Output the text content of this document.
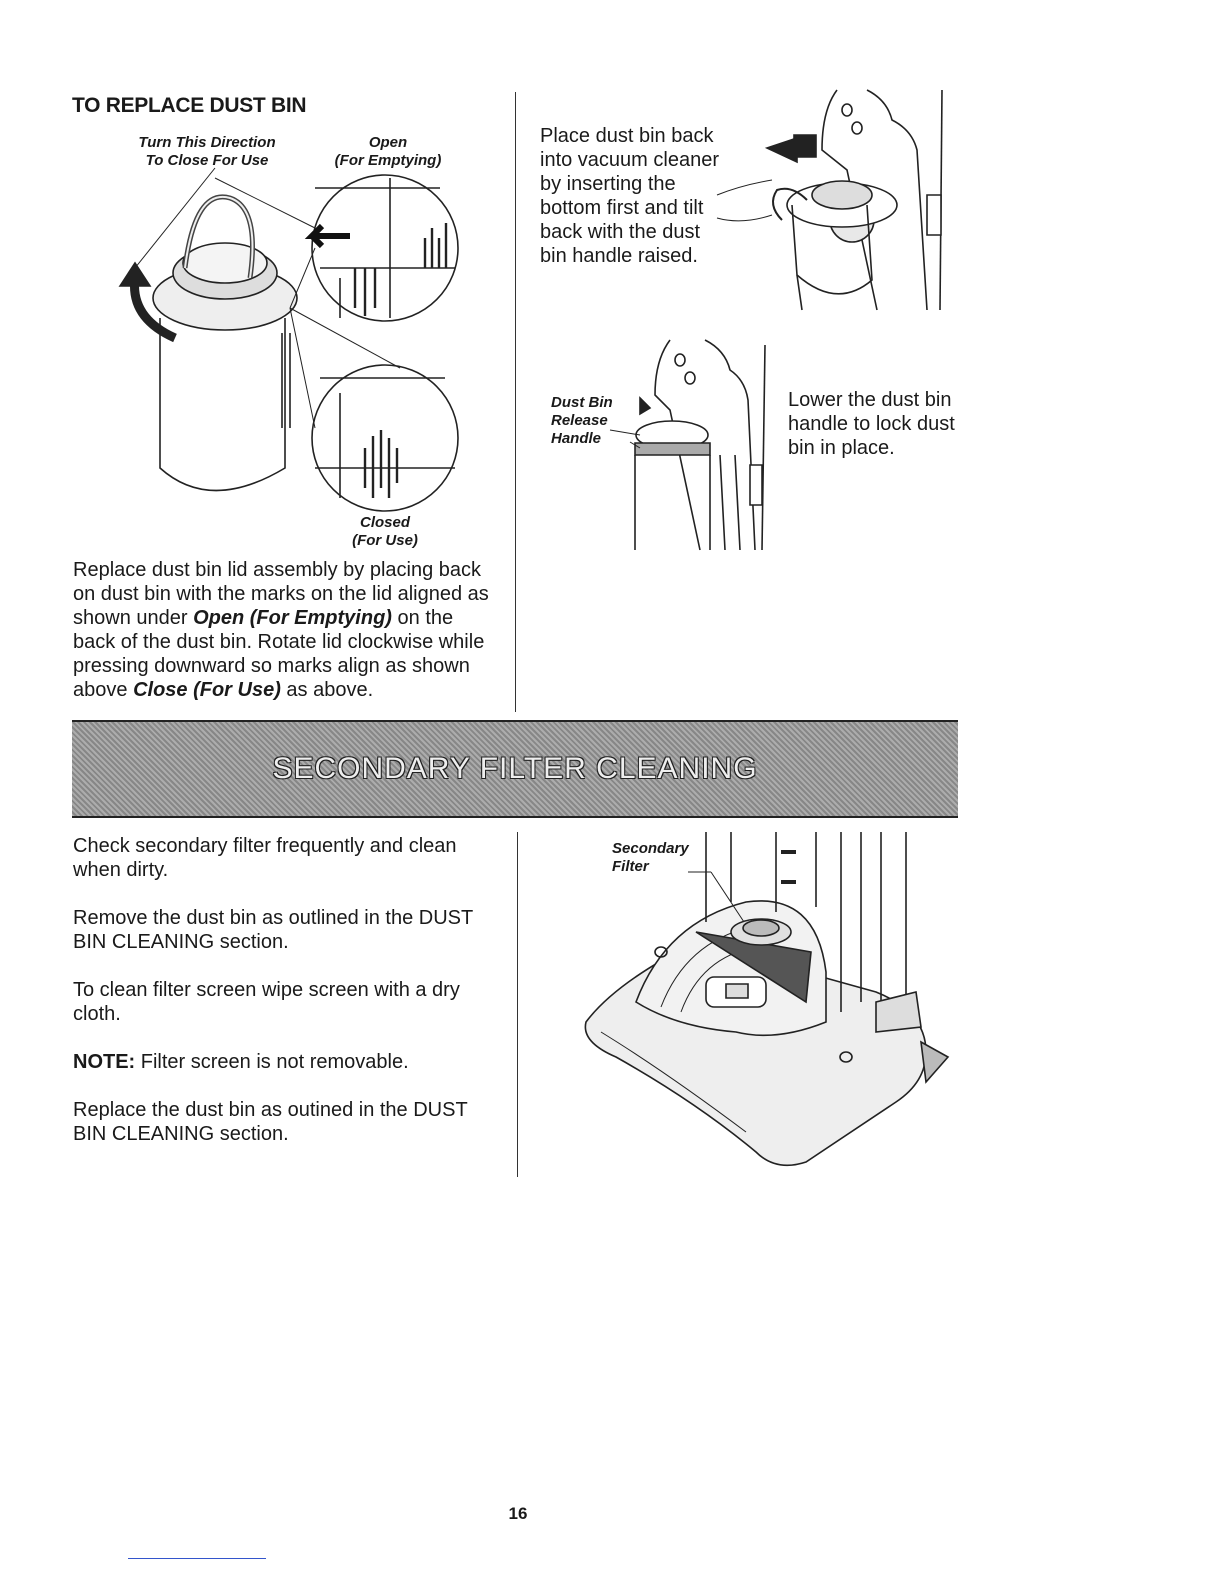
TO REPLACE DUST BIN
Turn This Direction
To Close For Use
Open
(For Emptying)
Closed
(For Use)
Replace dust bin lid assembly by placing back on dust bin with the marks on the lid aligned as shown under Open (For Emptying) on the back of the dust bin. Rotate lid clockwise while pressing downward so marks align as shown above Close (For Use) as above.
Place dust bin back into vacuum cleaner by inserting the bottom first and tilt back with the dust bin handle raised.
Dust Bin
Release
Handle
Lower the dust bin handle to lock dust bin in place.
SECONDARY FILTER CLEANING

Check secondary filter frequently and clean when dirty.

Remove the dust bin as outlined in the DUST BIN CLEANING section.

To clean filter screen wipe screen with a dry cloth.

NOTE: Filter screen is not removable.

Replace the dust bin as outined in the DUST BIN CLEANING section.

Secondary
Filter
16
